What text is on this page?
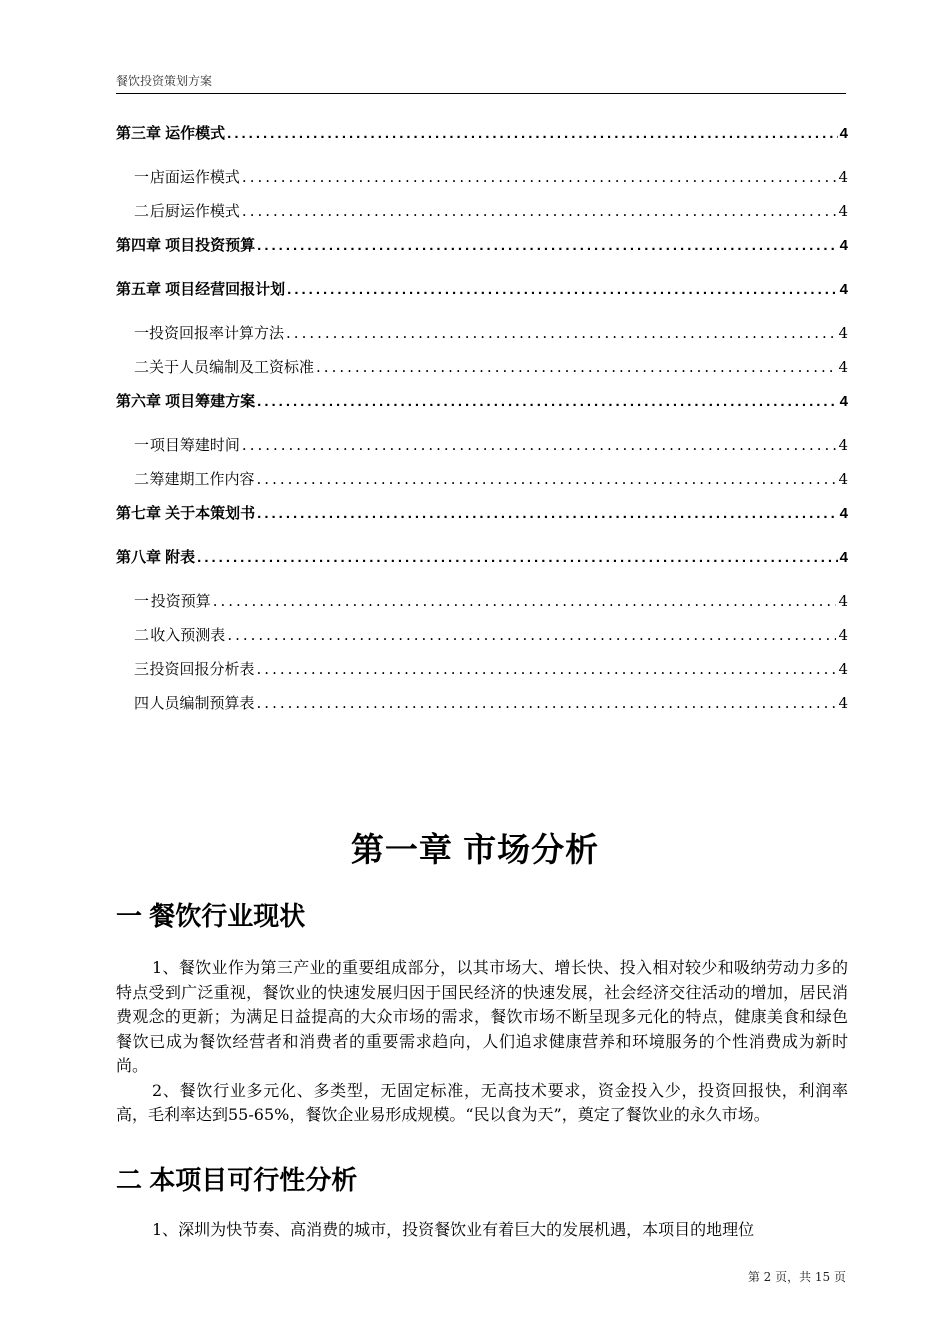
餐饮投资策划方案
第三章 运作模式 .....	4
一 店面运作模式 .....	4
二 后厨运作模式 .....	4
第四章 项目投资预算 .....	4
第五章 项目经营回报计划 .....	4
一 投资回报率计算方法 .....	4
二 关于人员编制及工资标准 .....	4
第六章 项目筹建方案 .....	4
一 项目筹建时间 .....	4
二 筹建期工作内容 .....	4
第七章 关于本策划书 .....	4
第八章 附表 .....	4
一 投资预算 .....	4
二 收入预测表 .....	4
三 投资回报分析表 .....	4
四 人员编制预算表 .....	4
第一章 市场分析
一 餐饮行业现状

1、餐饮业作为第三产业的重要组成部分，以其市场大、增长快、投入相对较少和吸纳劳动力多的特点受到广泛重视，餐饮业的快速发展归因于国民经济的快速发展，社会经济交往活动的增加，居民消费观念的更新；为满足日益提高的大众市场的需求，餐饮市场不断呈现多元化的特点，健康美食和绿色餐饮已成为餐饮经营者和消费者的重要需求趋向，人们追求健康营养和环境服务的个性消费成为新时尚。

2、餐饮行业多元化、多类型，无固定标准，无高技术要求，资金投入少，投资回报快，利润率高，毛利率达到55-65%，餐饮企业易形成规模。“民以食为天”，奠定了餐饮业的永久市场。

二 本项目可行性分析

1、深圳为快节奏、高消费的城市，投资餐饮业有着巨大的发展机遇，本项目的地理位

第 2 页，共 15 页
